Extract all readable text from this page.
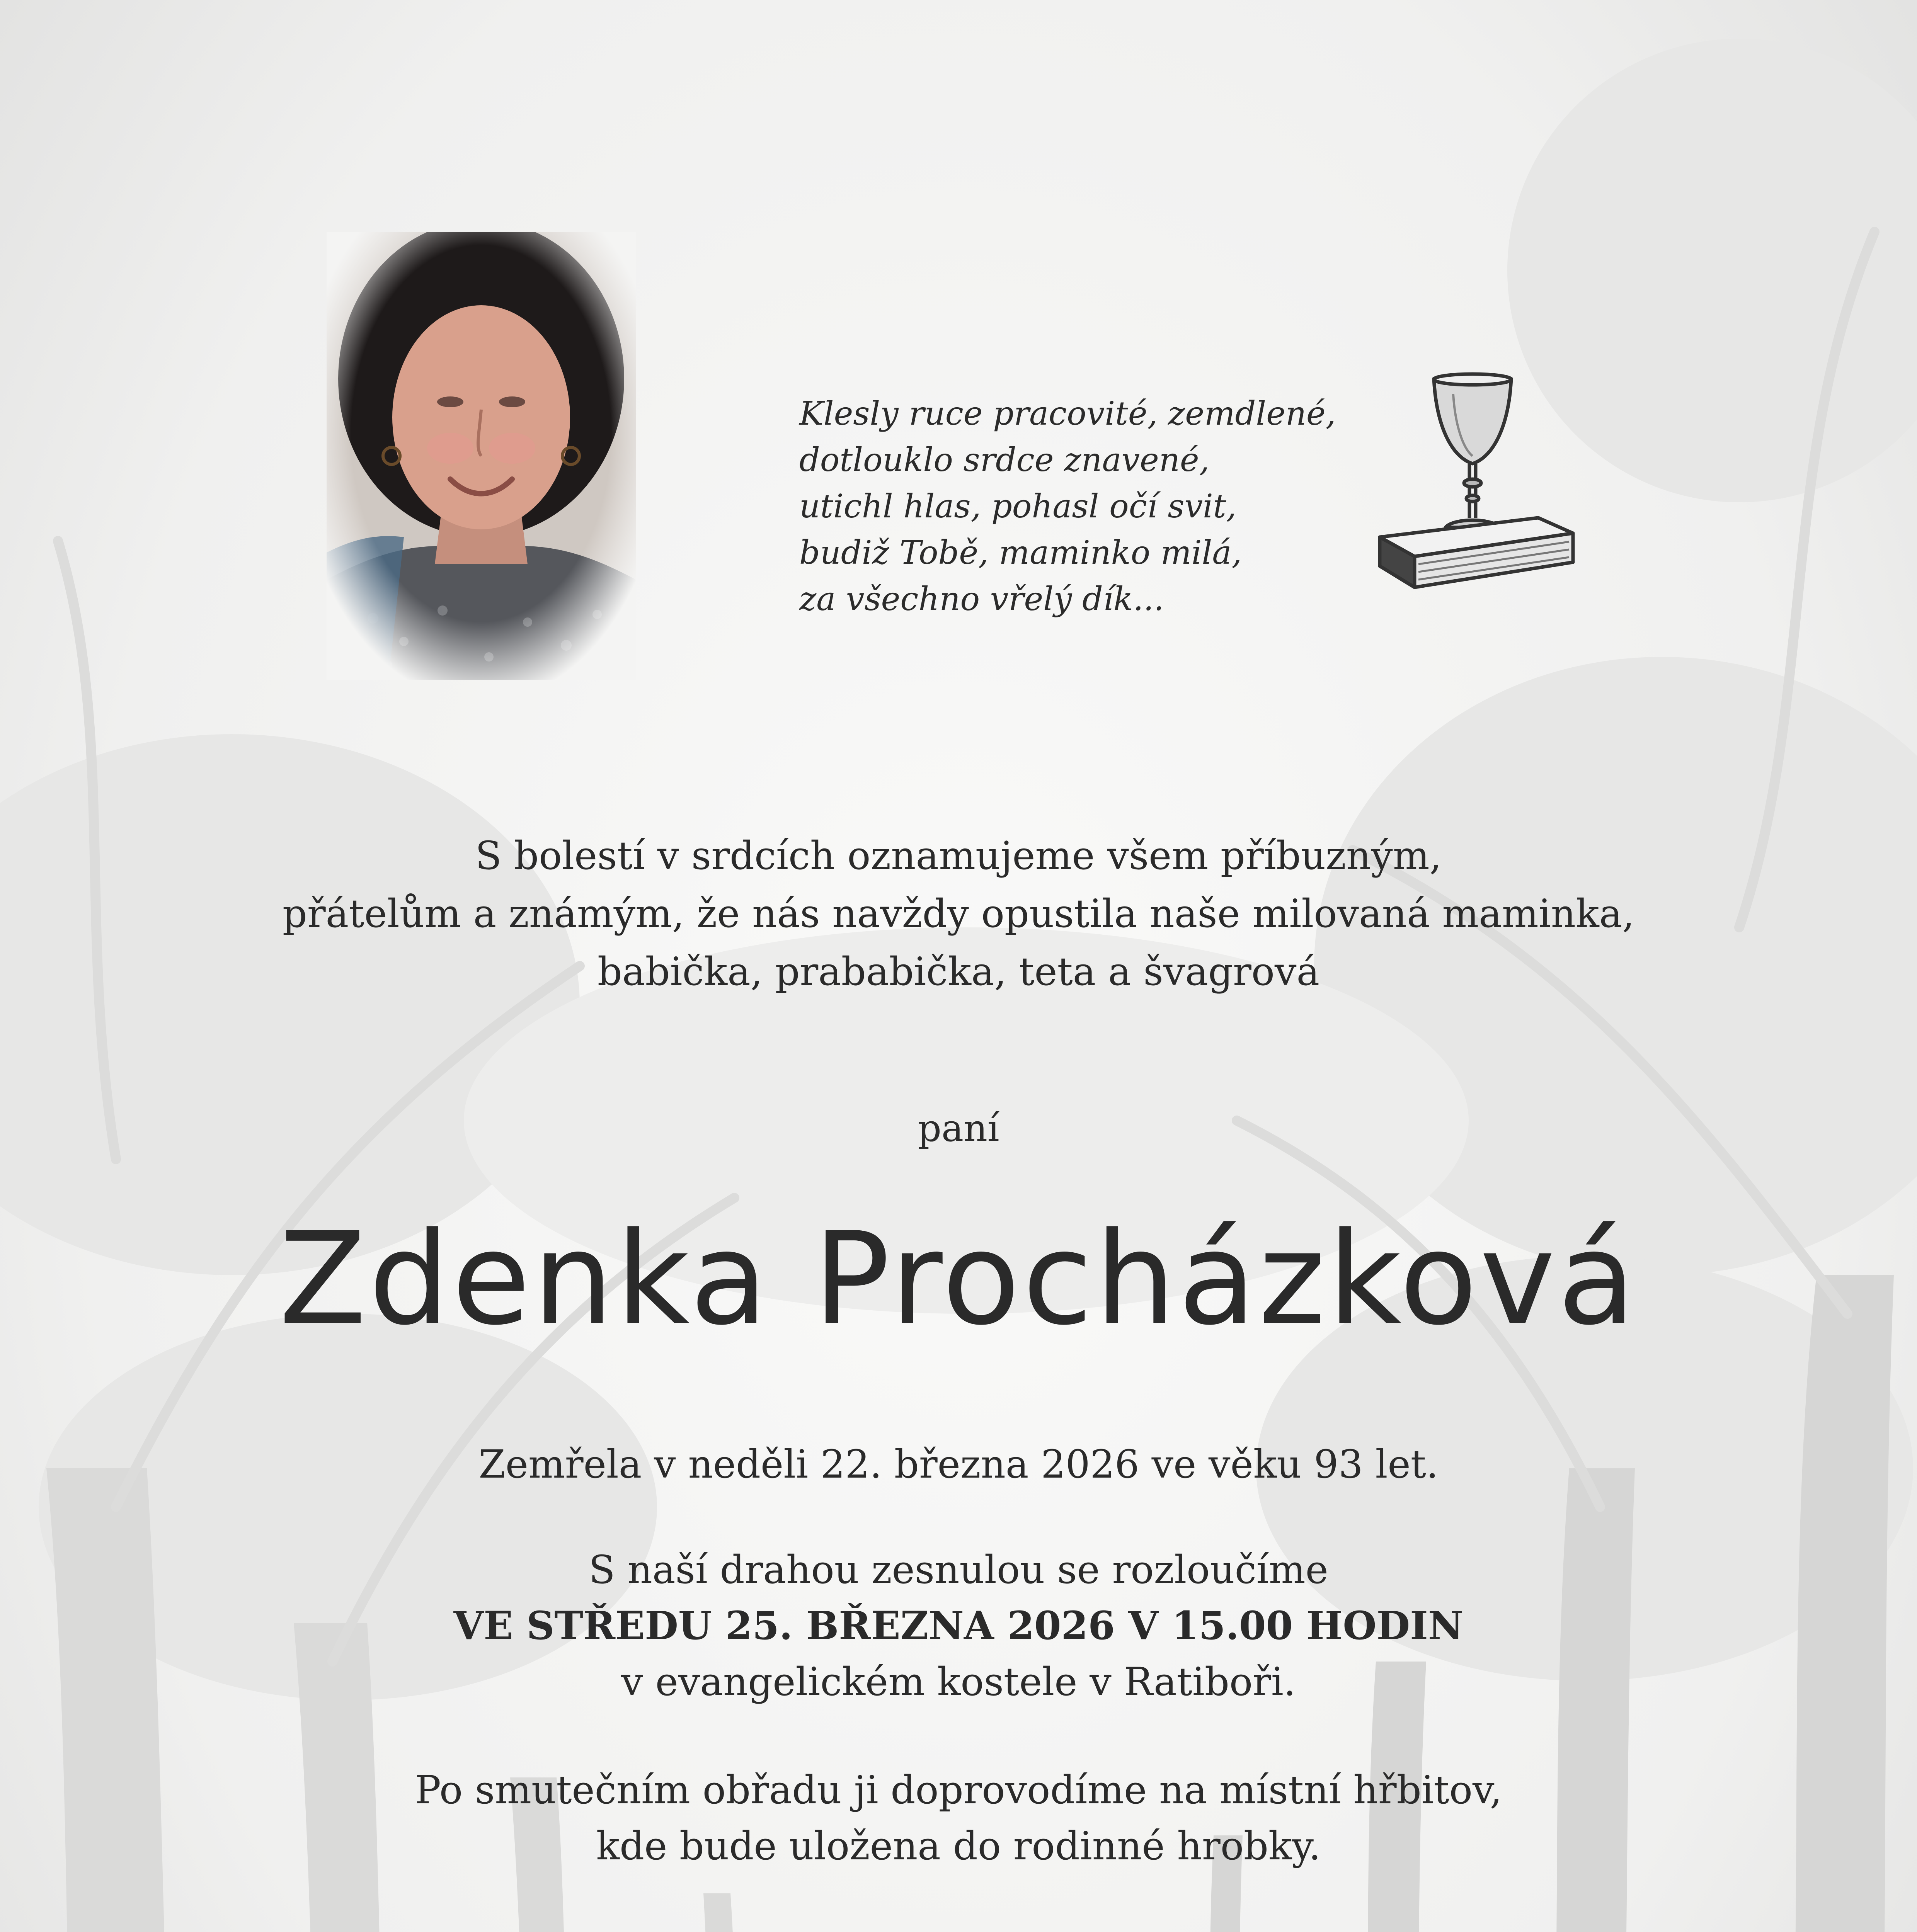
Klesly ruce pracovité, zemdlené,
dotlouklo srdce znavené,
utichl hlas, pohasl očí svit,
budiž Tobě, maminko milá,
za všechno vřelý dík...
S bolestí v srdcích oznamujeme všem příbuzným,
přátelům a známým, že nás navždy opustila naše milovaná maminka,
babička, prababička, teta a švagrová
paní
Zdenka Procházková
Zemřela v neděli 22. března 2026 ve věku 93 let.
S naší drahou zesnulou se rozloučíme
VE STŘEDU 25. BŘEZNA 2026 V 15.00 HODIN
v evangelickém kostele v Ratiboři.
Po smutečním obřadu ji doprovodíme na místní hřbitov,
kde bude uložena do rodinné hrobky.
